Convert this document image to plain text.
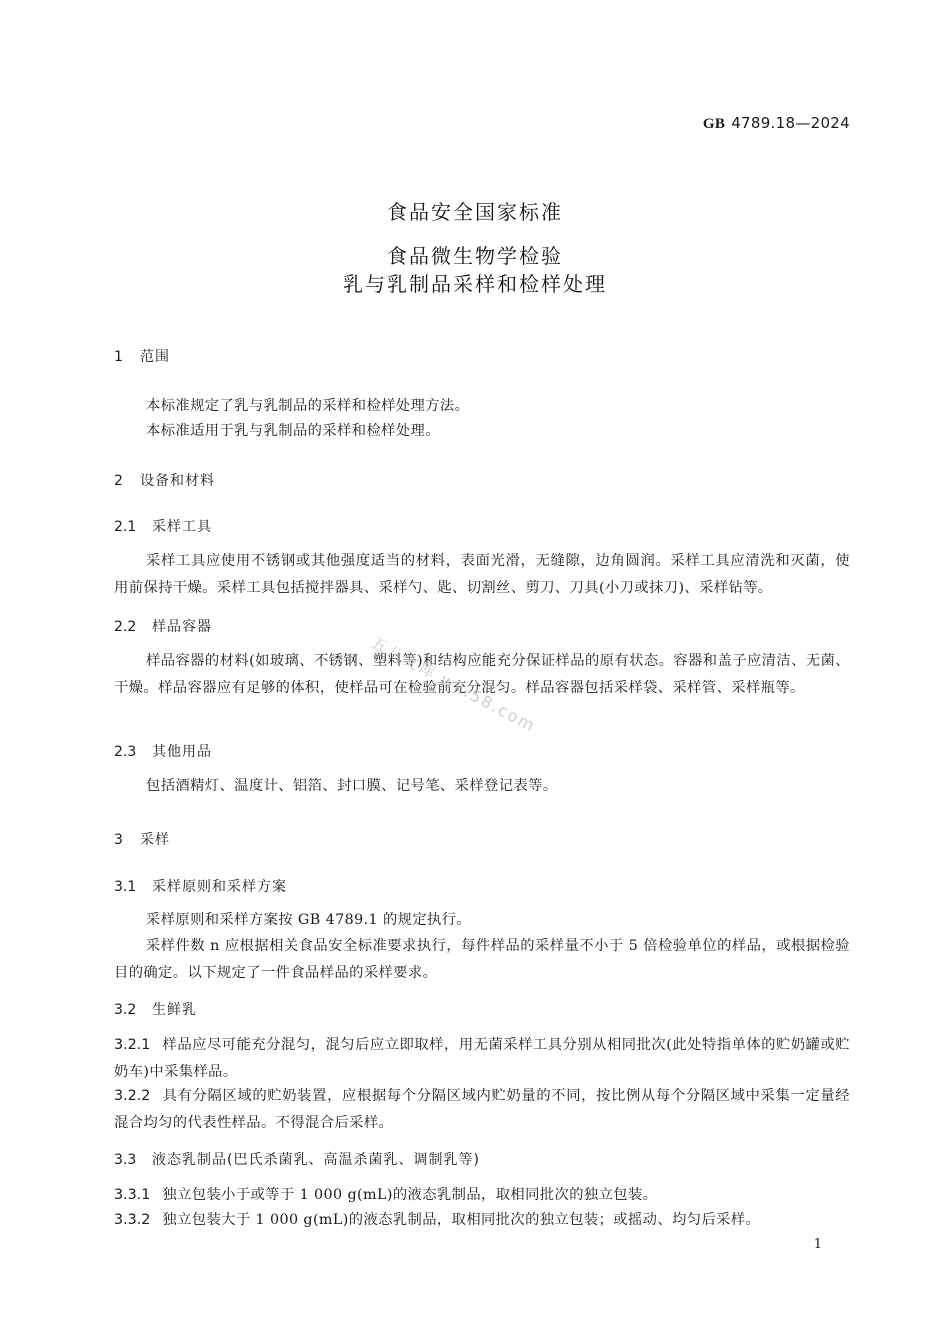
GB 4789.18—2024
食品安全国家标准
食品微生物学检验
乳与乳制品采样和检样处理
1 范围
本标准规定了乳与乳制品的采样和检样处理方法。
本标准适用于乳与乳制品的采样和检样处理。
2 设备和材料
2.1 采样工具
采样工具应使用不锈钢或其他强度适当的材料，表面光滑，无缝隙，边角圆润。采样工具应清洗和灭菌，使用前保持干燥。采样工具包括搅拌器具、采样勺、匙、切割丝、剪刀、刀具(小刀或抹刀)、采样钻等。
2.2 样品容器
样品容器的材料(如玻璃、不锈钢、塑料等)和结构应能充分保证样品的原有状态。容器和盖子应清洁、无菌、干燥。样品容器应有足够的体积，使样品可在检验前充分混匀。样品容器包括采样袋、采样管、采样瓶等。
2.3 其他用品
包括酒精灯、温度计、铝箔、封口膜、记号笔、采样登记表等。
3 采样
3.1 采样原则和采样方案
采样原则和采样方案按 GB 4789.1 的规定执行。
采样件数 n 应根据相关食品安全标准要求执行，每件样品的采样量不小于 5 倍检验单位的样品，或根据检验目的确定。以下规定了一件食品样品的采样要求。
3.2 生鲜乳
3.2.1 样品应尽可能充分混匀，混匀后应立即取样，用无菌采样工具分别从相同批次(此处特指单体的贮奶罐或贮奶车)中采集样品。
3.2.2 具有分隔区域的贮奶装置，应根据每个分隔区域内贮奶量的不同，按比例从每个分隔区域中采集一定量经混合均匀的代表性样品。不得混合后采样。
3.3 液态乳制品(巴氏杀菌乳、高温杀菌乳、调制乳等)
3.3.1 独立包装小于或等于 1 000 g(mL)的液态乳制品，取相同批次的独立包装。
3.3.2 独立包装大于 1 000 g(mL)的液态乳制品，取相同批次的独立包装；或摇动、均匀后采样。
五八文库 wk.58.com
1
